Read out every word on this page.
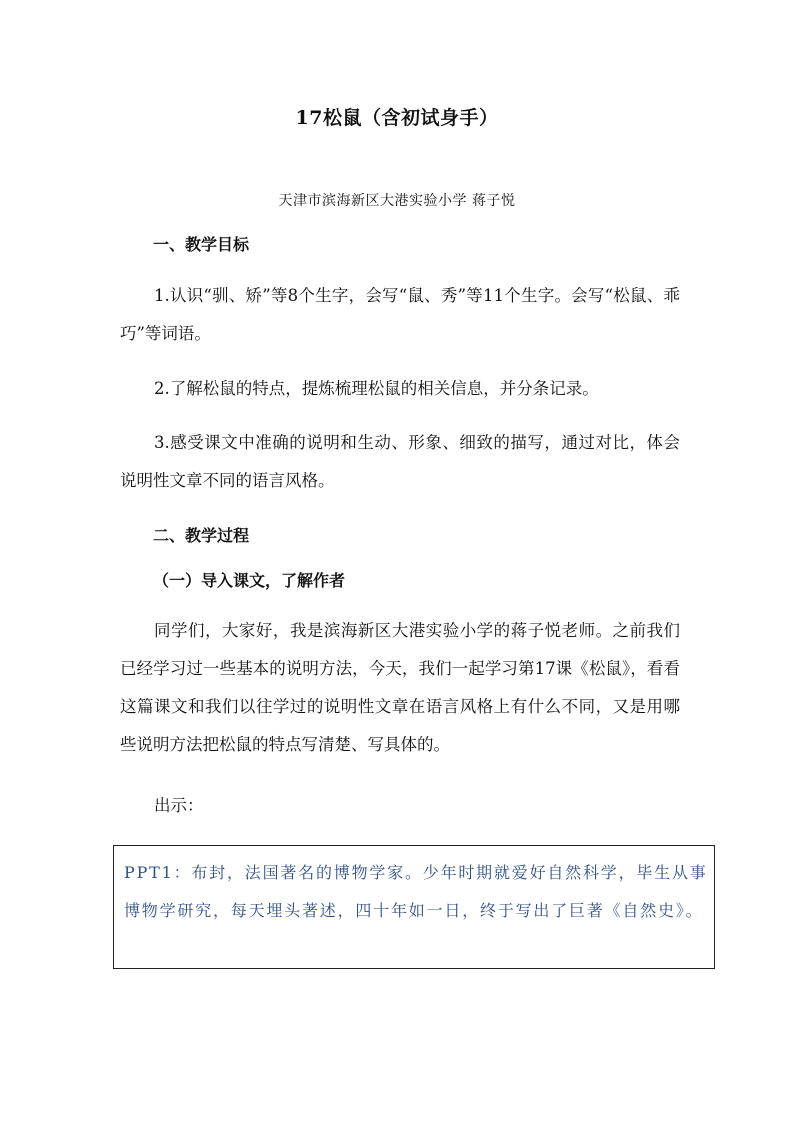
17松鼠（含初试身手）
天津市滨海新区大港实验小学 蒋子悦
一、教学目标
1.认识“驯、矫”等8个生字，会写“鼠、秀”等11个生字。会写“松鼠、乖巧”等词语。
2.了解松鼠的特点，提炼梳理松鼠的相关信息，并分条记录。
3.感受课文中准确的说明和生动、形象、细致的描写，通过对比，体会说明性文章不同的语言风格。
二、教学过程
（一）导入课文，了解作者
同学们，大家好，我是滨海新区大港实验小学的蒋子悦老师。之前我们已经学习过一些基本的说明方法，今天，我们一起学习第17课《松鼠》，看看这篇课文和我们以往学过的说明性文章在语言风格上有什么不同，又是用哪些说明方法把松鼠的特点写清楚、写具体的。
出示：
PPT1：布封，法国著名的博物学家。少年时期就爱好自然科学，毕生从事博物学研究，每天埋头著述，四十年如一日，终于写出了巨著《自然史》。
